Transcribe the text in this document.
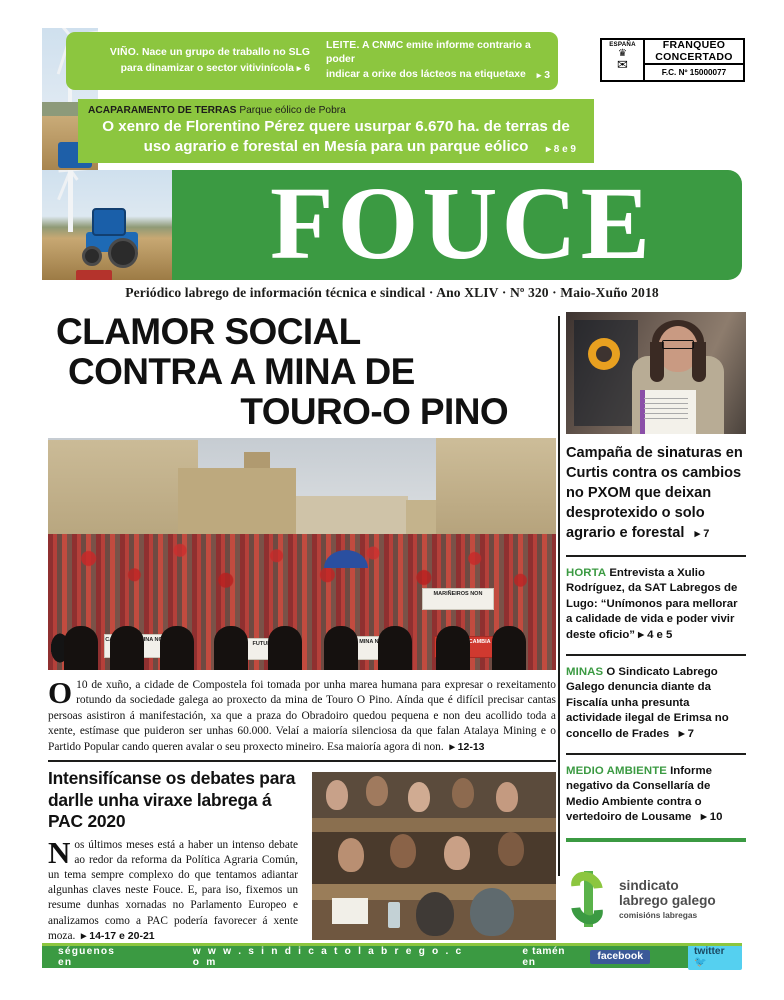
VIÑO. Nace un grupo de traballo no SLG
para dinamizar o sector vitivinícola ▸ 6
LEITE. A CNMC emite informe contrario a poder
indicar a orixe dos lácteos na etiquetaxe ▸ 3
ESPAÑA
♛
✉
FRANQUEO
CONCERTADO
F.C. Nº 15000077
ACAPARAMENTO DE TERRAS Parque eólico de Pobra
O xenro de Florentino Pérez quere usurpar 6.670 ha. de terras de
uso agrario e forestal en Mesía para un parque eólico	▸ 8 e 9
FOUCE
Periódico labrego de información técnica e sindical · Ano XLIV · Nº 320 · Maio-Xuño 2018
CLAMOR SOCIAL
MARIÑEIROS NON
CONTRA A MINA DE
TOURO-O PINO
O 10 de xuño, a cidade de Compostela foi tomada por unha marea humana para expresar o rexeitamento rotundo da sociedade galega ao proxecto da mina de Touro O Pino. Aínda que é difícil precisar cantas persoas asistiron á manifestación, xa que a praza do Obradoiro quedou pequena e non deu acollido toda a xente, estímase que puideron ser unhas 60.000. Velaí a maioría silenciosa da que falan Atalaya Mining e o Partido Popular cando queren avalar o seu proxecto mineiro. Esa maioría agora di non.  ▸ 12-13
Intensifícanse os debates para darlle unha viraxe labrega á PAC 2020
Nos últimos meses está a haber un intenso debate ao redor da reforma da Política Agraria Común, un tema sempre complexo do que tentamos adiantar algunhas claves neste Fouce. E, para iso, fixemos un resume dunhas xornadas no Parlamento Europeo e analizamos como a PAC podería favorecer á xente moza.  ▸ 14-17 e 20-21
Campaña de sinaturas en Curtis contra os cambios no PXOM que deixan desprotexido o solo agrario e forestal   ▸ 7
HORTA Entrevista a Xulio Rodríguez, da SAT Labregos de Lugo: “Unímonos para mellorar a calidade de vida e poder vivir deste oficio” ▸ 4 e 5
MINAS O Sindicato Labrego Galego denuncia diante da Fiscalía unha presunta actividade ilegal de Erimsa no concello de Frades   ▸ 7
MEDIO AMBIENTE Informe negativo da Consellaría de Medio Ambiente contra o vertedoiro de Lousame   ▸ 10
sindicato
labrego galego
comisións labregas
séguenos en
w w w . s i n d i c a t o l a b r e g o . c o m
e tamén en
facebook	twitter 🐦
